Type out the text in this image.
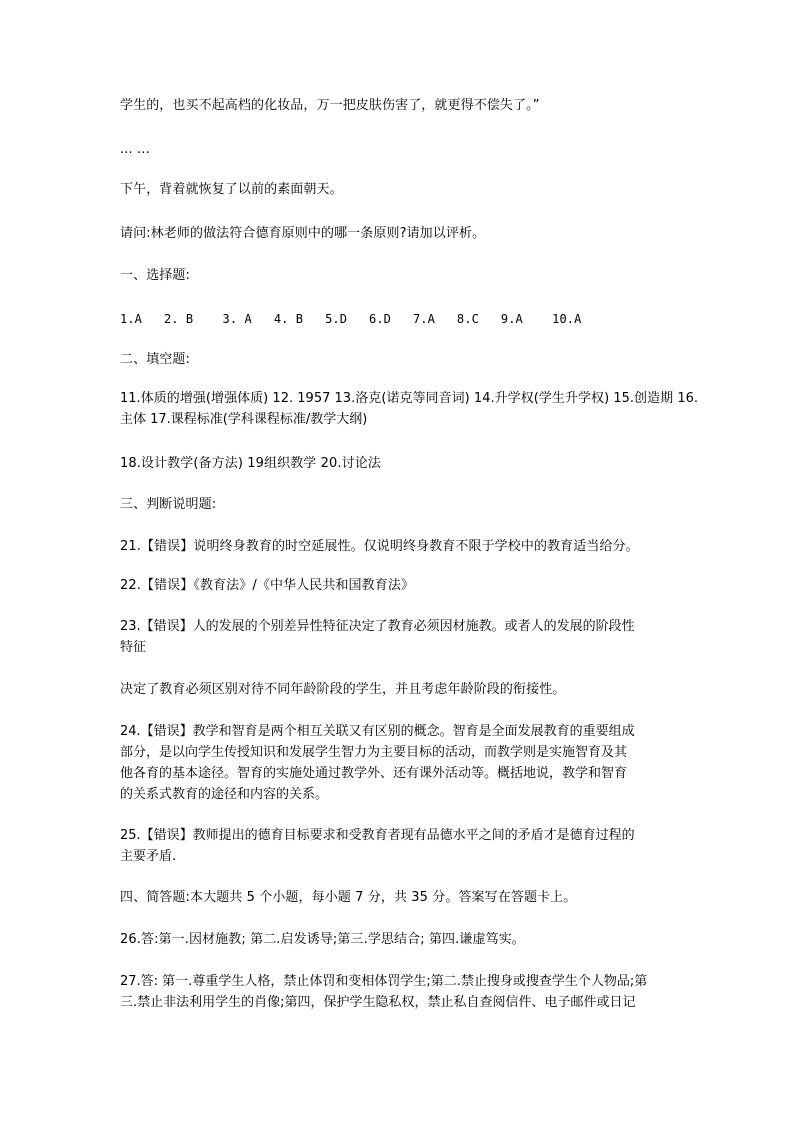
学生的，也买不起高档的化妆品，万一把皮肤伤害了，就更得不偿失了。”
... …
下午，背着就恢复了以前的素面朝天。
请问:林老师的做法符合德育原则中的哪一条原则?请加以评析。
一、选择题:
1.A   2. B    3. A   4. B   5.D   6.D   7.A   8.C   9.A    10.A
二、填空题:
11.体质的增强(增强体质) 12. 1957 13.洛克(诺克等同音词) 14.升学权(学生升学权) 15.创造期 16.主体 17.课程标准(学科课程标准/教学大纲)
18.设计教学(备方法) 19组织教学 20.讨论法
三、判断说明题:
21.【错误】说明终身教育的时空延展性。仅说明终身教育不限于学校中的教育适当给分。
22.【错误】《教育法》/《中华人民共和国教育法》
23.【错误】人的发展的个别差异性特征决定了教育必须因材施教。或者人的发展的阶段性
特征
决定了教育必须区别对待不同年龄阶段的学生，并且考虑年龄阶段的衔接性。
24.【错误】教学和智育是两个相互关联又有区别的概念。智育是全面发展教育的重要组成
部分，是以向学生传授知识和发展学生智力为主要目标的活动，而教学则是实施智育及其
他各育的基本途径。智育的实施处通过教学外、还有课外活动等。概括地说，教学和智育
的关系式教育的途径和内容的关系。
25.【错误】教师提出的德育目标要求和受教育者现有品德水平之间的矛盾才是德育过程的
主要矛盾.
四、简答题:本大题共 5 个小题，每小题 7 分，共 35 分。答案写在答题卡上。
26.答:第一.因材施教; 第二.启发诱导;第三.学思结合; 第四.谦虚笃实。
27.答: 第一.尊重学生人格，禁止体罚和变相体罚学生;第二.禁止搜身或搜查学生个人物品;第
三.禁止非法利用学生的肖像;第四，保护学生隐私权，禁止私自查阅信件、电子邮件或日记
